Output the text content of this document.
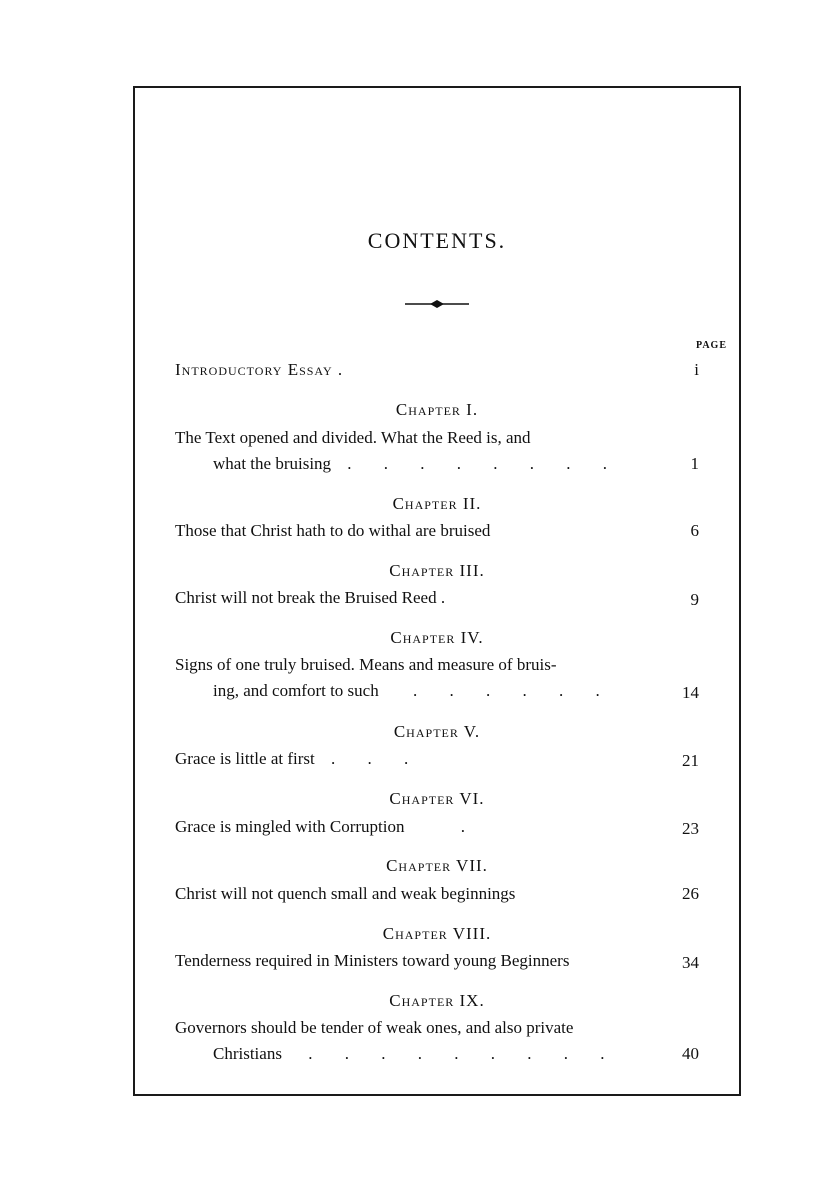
CONTENTS.
PAGE
Introductory Essay .	i
Chapter I.
The Text opened and divided. What the Reed is, and
what the bruising . . . . . . . .	1
Chapter II.
Those that Christ hath to do withal are bruised	6
Chapter III.
Christ will not break the Bruised Reed .	9
Chapter IV.
Signs of one truly bruised. Means and measure of bruis-
ing, and comfort to such . . . . . .	14
Chapter V.
Grace is little at first . . .	21
Chapter VI.
Grace is mingled with Corruption	.	23
Chapter VII.
Christ will not quench small and weak beginnings	26
Chapter VIII.
Tenderness required in Ministers toward young Beginners	34
Chapter IX.
Governors should be tender of weak ones, and also private
Christians . . . . . . . . .	40
